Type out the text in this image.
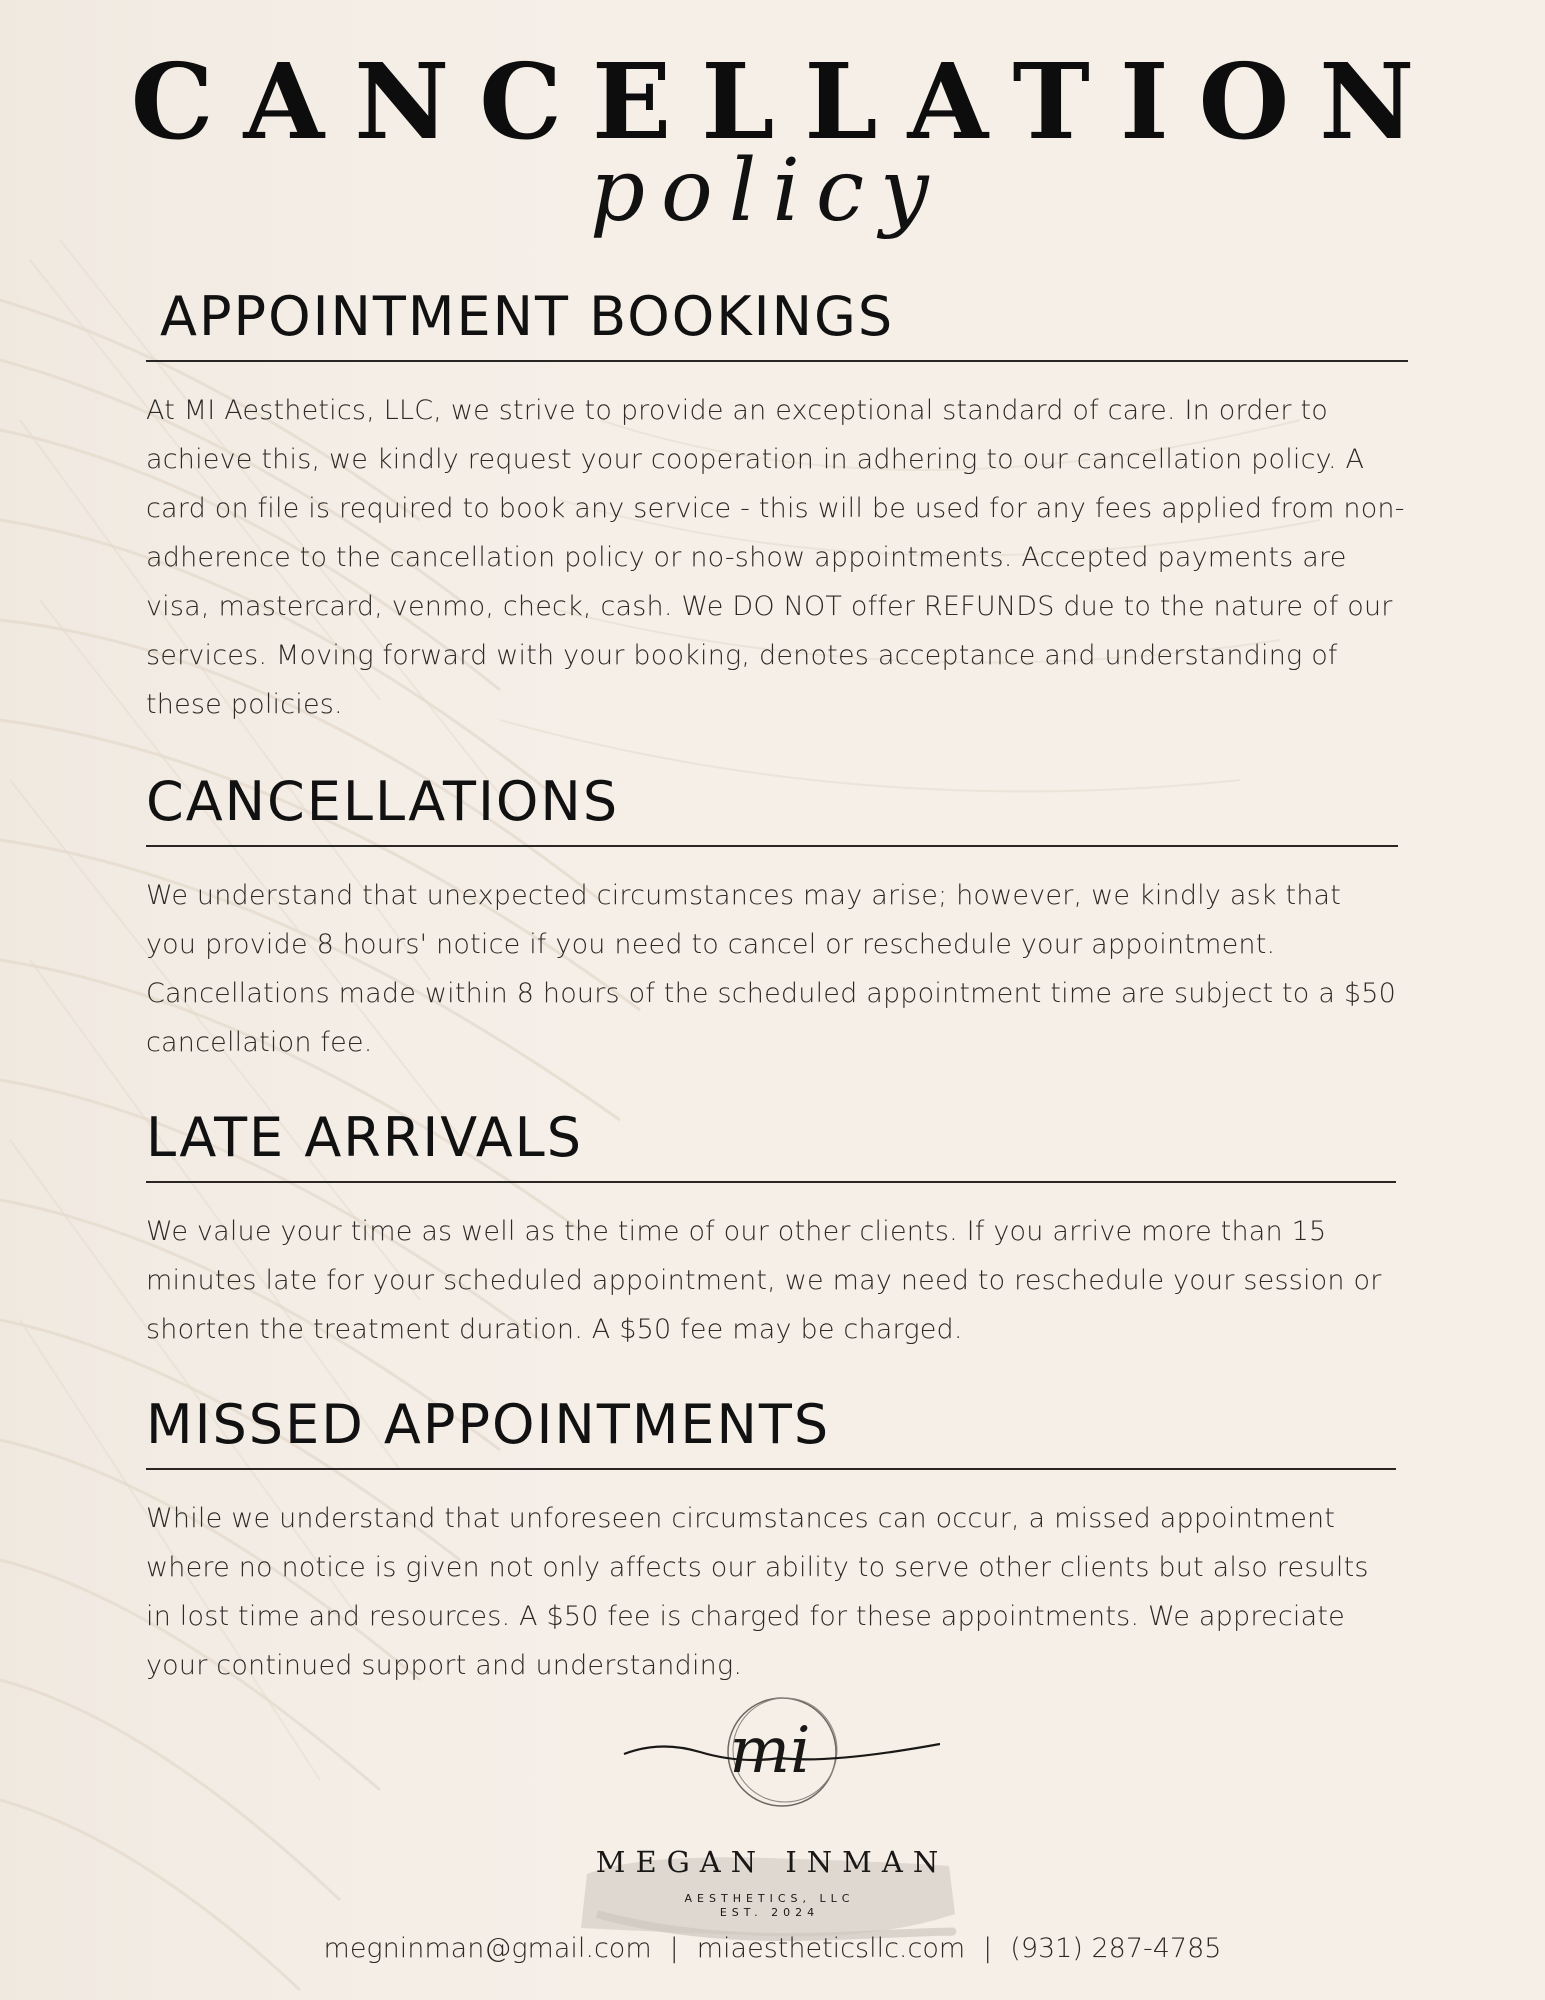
CANCELLATION
policy
APPOINTMENT BOOKINGS

At MI Aesthetics, LLC, we strive to provide an exceptional standard of care. In order to achieve this, we kindly request your cooperation in adhering to our cancellation policy. A card on file is required to book any service - this will be used for any fees applied from non-adherence to the cancellation policy or no-show appointments. Accepted payments are visa, mastercard, venmo, check, cash. We DO NOT offer REFUNDS due to the nature of our services. Moving forward with your booking, denotes acceptance and understanding of these policies.

CANCELLATIONS

We understand that unexpected circumstances may arise; however, we kindly ask that you provide 8 hours' notice if you need to cancel or reschedule your appointment. Cancellations made within 8 hours of the scheduled appointment time are subject to a $50 cancellation fee.

LATE ARRIVALS

We value your time as well as the time of our other clients. If you arrive more than 15 minutes late for your scheduled appointment, we may need to reschedule your session or shorten the treatment duration. A $50 fee may be charged.

MISSED APPOINTMENTS

While we understand that unforeseen circumstances can occur, a missed appointment where no notice is given not only affects our ability to serve other clients but also results in lost time and resources. A $50 fee is charged for these appointments. We appreciate your continued support and understanding.

mi
MEGAN INMAN
AESTHETICS, LLC
EST. 2024
megninman@gmail.com | miaestheticsllc.com | (931) 287-4785
